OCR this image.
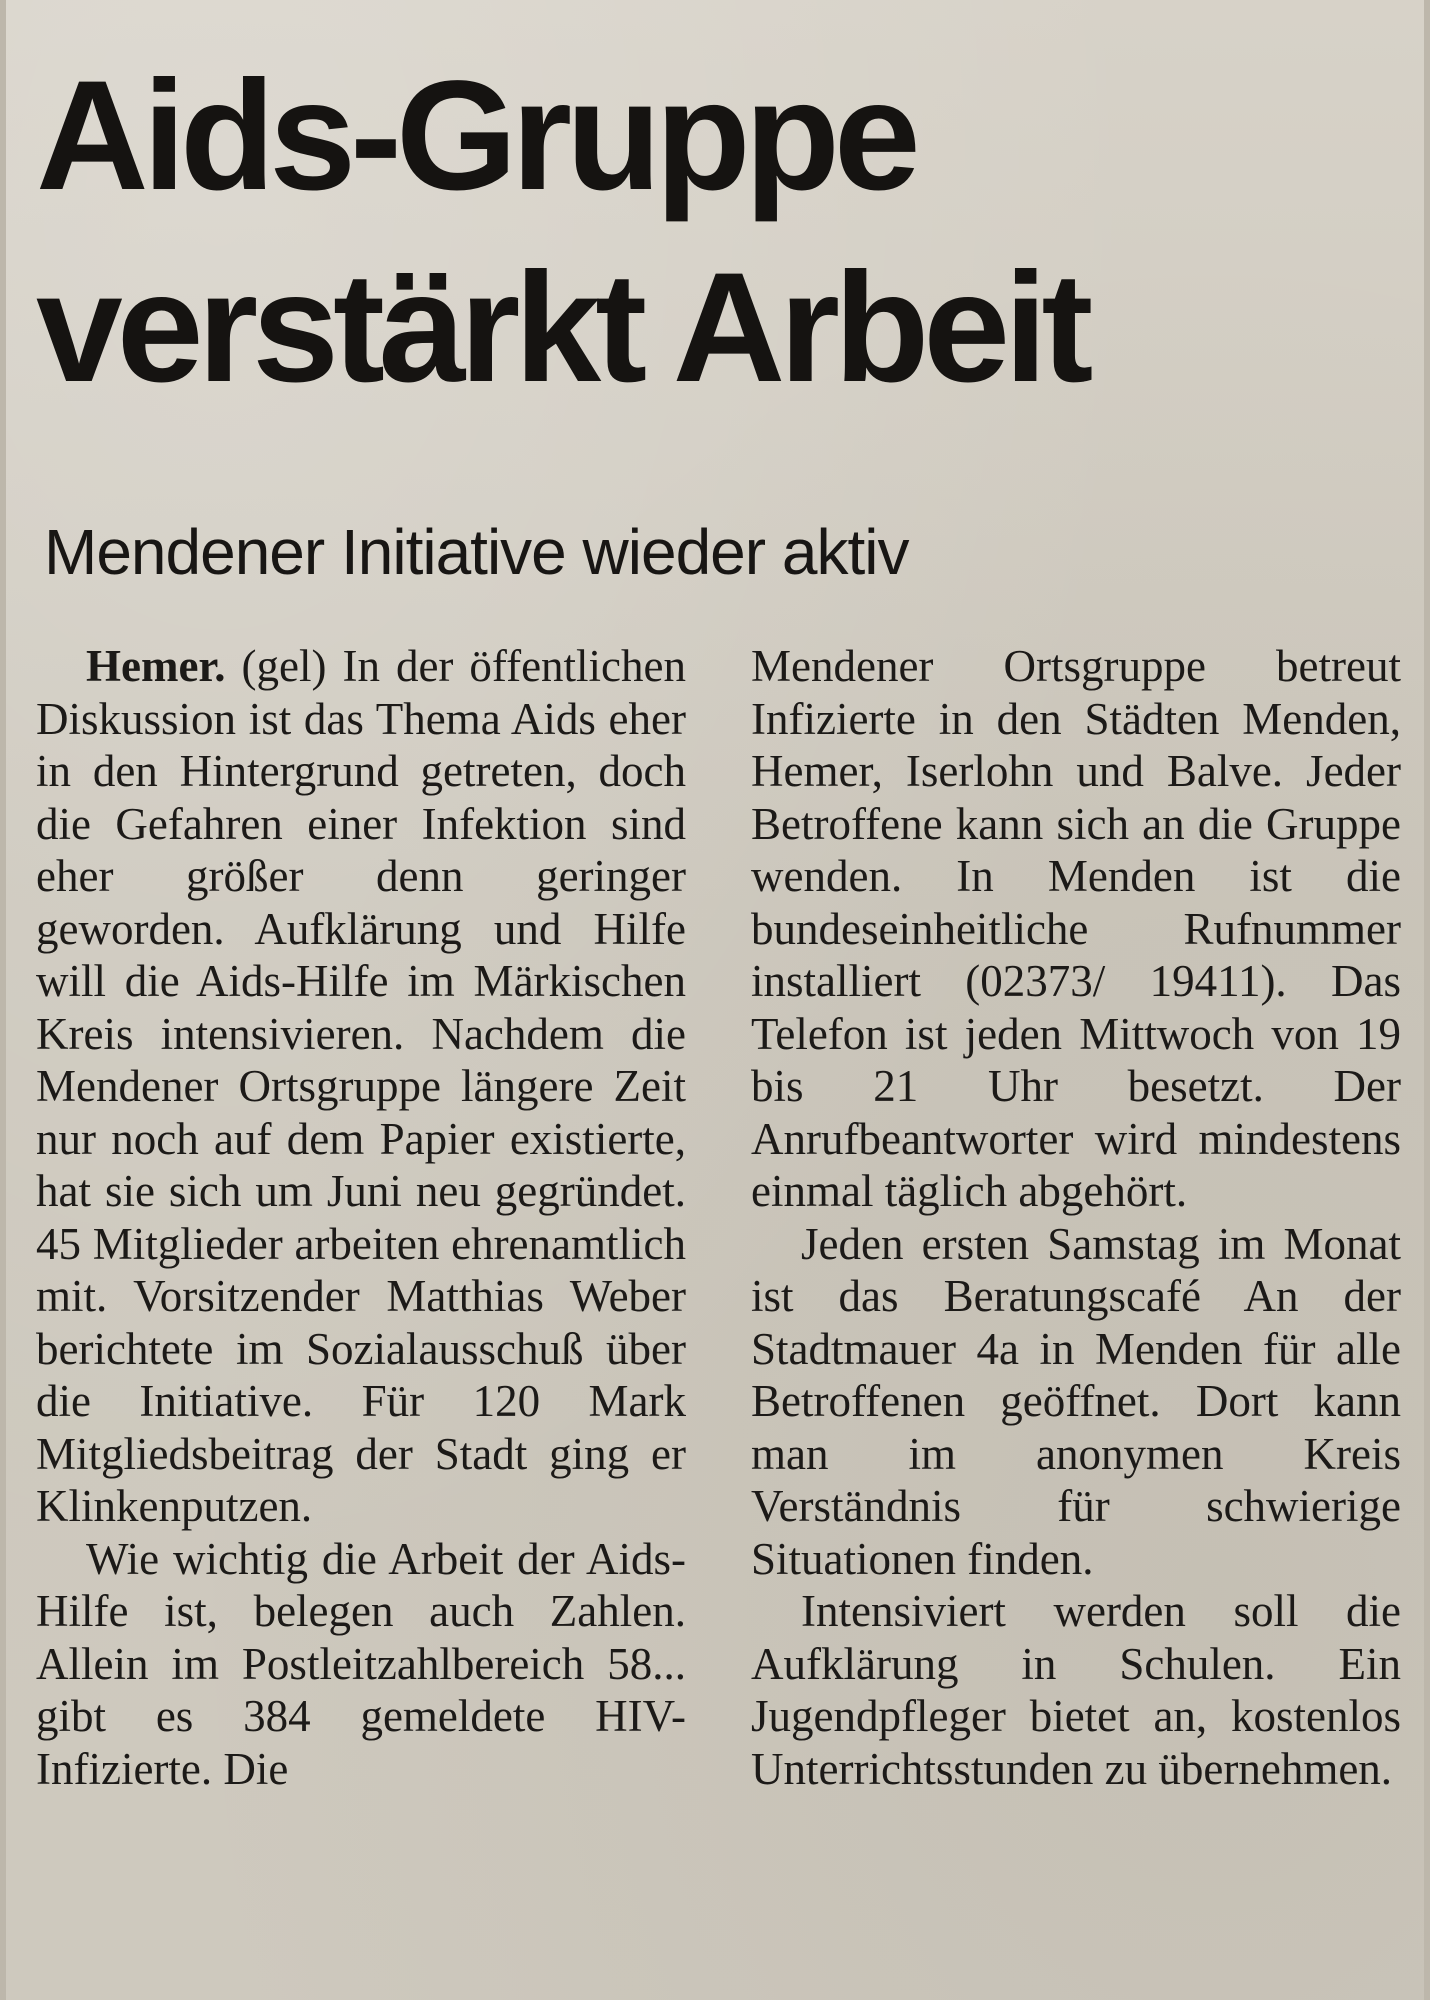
Aids-Gruppe
verstärkt Arbeit
Mendener Initiative wieder aktiv

Hemer. (gel) In der öffentlichen Diskussion ist das Thema Aids eher in den Hintergrund getreten, doch die Gefahren einer Infektion sind eher größer denn geringer geworden. Aufklärung und Hilfe will die Aids-Hilfe im Märkischen Kreis intensivieren. Nachdem die Mendener Ortsgruppe längere Zeit nur noch auf dem Papier existierte, hat sie sich um Juni neu gegründet. 45 Mitglieder arbeiten ehrenamtlich mit. Vorsitzender Matthias Weber berichtete im Sozialausschuß über die Initiative. Für 120 Mark Mitgliedsbeitrag der Stadt ging er Klinkenputzen.

Wie wichtig die Arbeit der Aids-Hilfe ist, belegen auch Zahlen. Allein im Postleitzahlbereich 58... gibt es 384 gemeldete HIV-Infizierte. Die

Mendener Ortsgruppe betreut Infizierte in den Städten Menden, Hemer, Iserlohn und Balve. Jeder Betroffene kann sich an die Gruppe wenden. In Menden ist die bundeseinheitliche Rufnummer installiert (02373/ 19411). Das Telefon ist jeden Mittwoch von 19 bis 21 Uhr besetzt. Der Anrufbeantworter wird mindestens einmal täglich abgehört.

Jeden ersten Samstag im Monat ist das Beratungscafé An der Stadtmauer 4a in Menden für alle Betroffenen geöffnet. Dort kann man im anonymen Kreis Verständnis für schwierige Situationen finden.

Intensiviert werden soll die Aufklärung in Schulen. Ein Jugendpfleger bietet an, kostenlos Unterrichtsstunden zu übernehmen.
